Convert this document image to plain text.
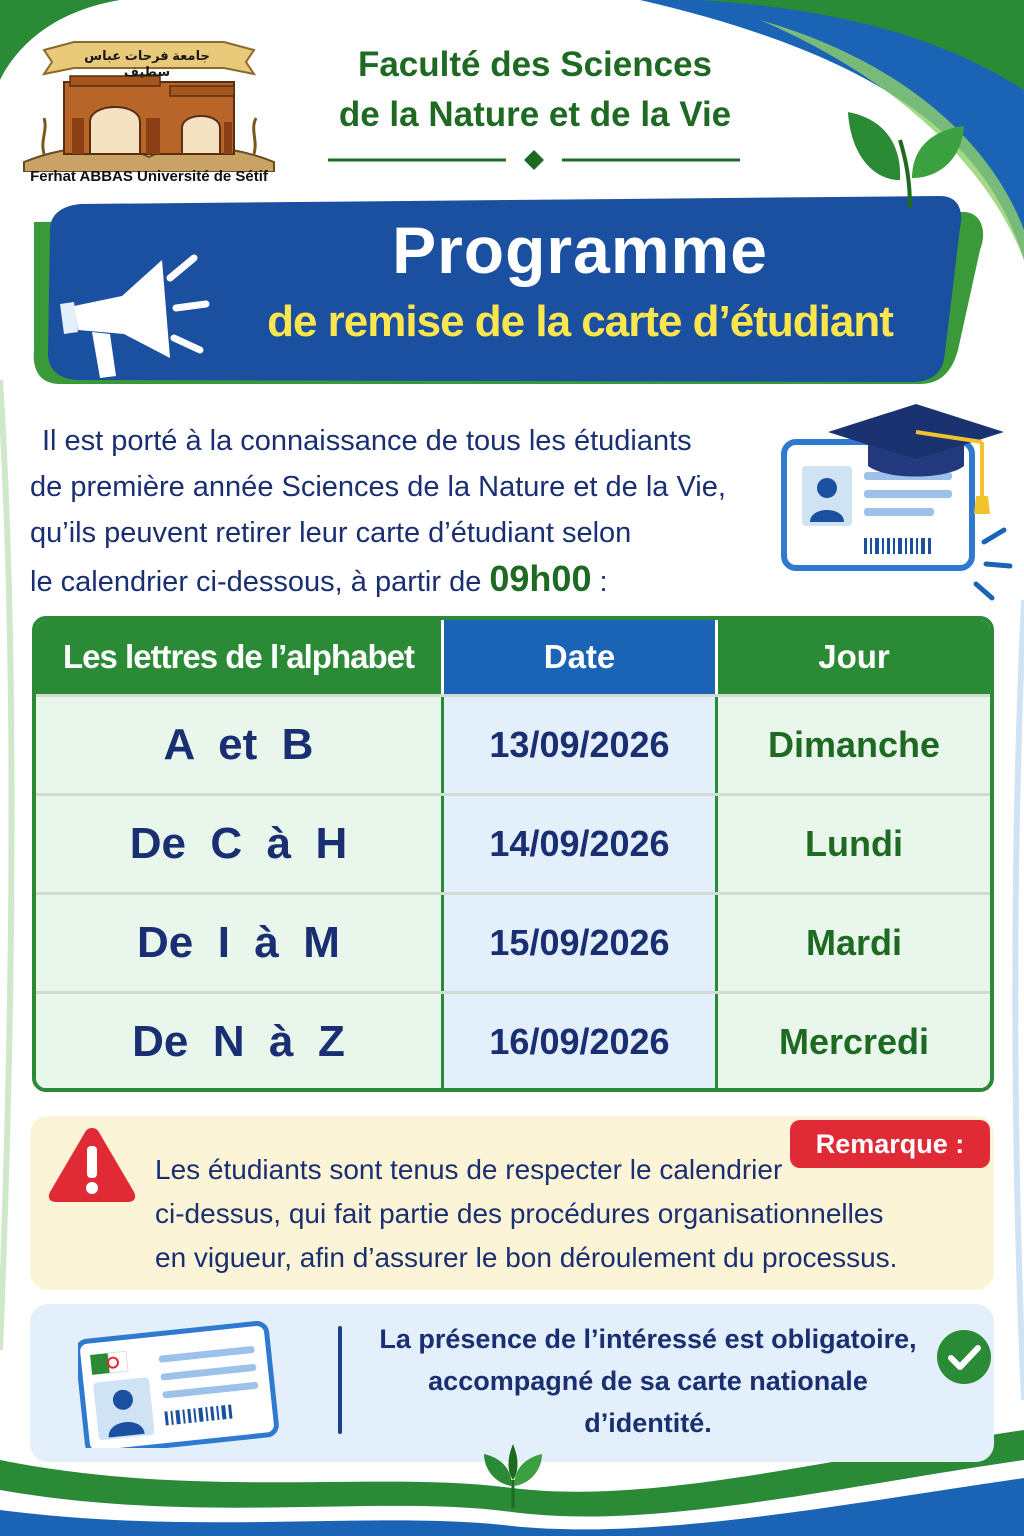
جامعة فرحات عباس سطيف
Ferhat ABBAS Université de Sétif
Faculté des Sciences
de la Nature et de la Vie
Programme
de remise de la carte d’étudiant
Il est porté à la connaissance de tous les étudiants
de première année Sciences de la Nature et de la Vie,
qu’ils peuvent retirer leur carte d’étudiant selon
le calendrier ci-dessous, à partir de 09h00 :
Les lettres de l’alphabet	Date	Jour
A  et  B	13/09/2026	Dimanche
De  C  à  H	14/09/2026	Lundi
De  I  à  M	15/09/2026	Mardi
De  N  à  Z	16/09/2026	Mercredi
Remarque :
Les étudiants sont tenus de respecter le calendrier
ci-dessus, qui fait partie des procédures organisationnelles
en vigueur, afin d’assurer le bon déroulement du processus.
La présence de l’intéressé est obligatoire,
accompagné de sa carte nationale
d’identité.
